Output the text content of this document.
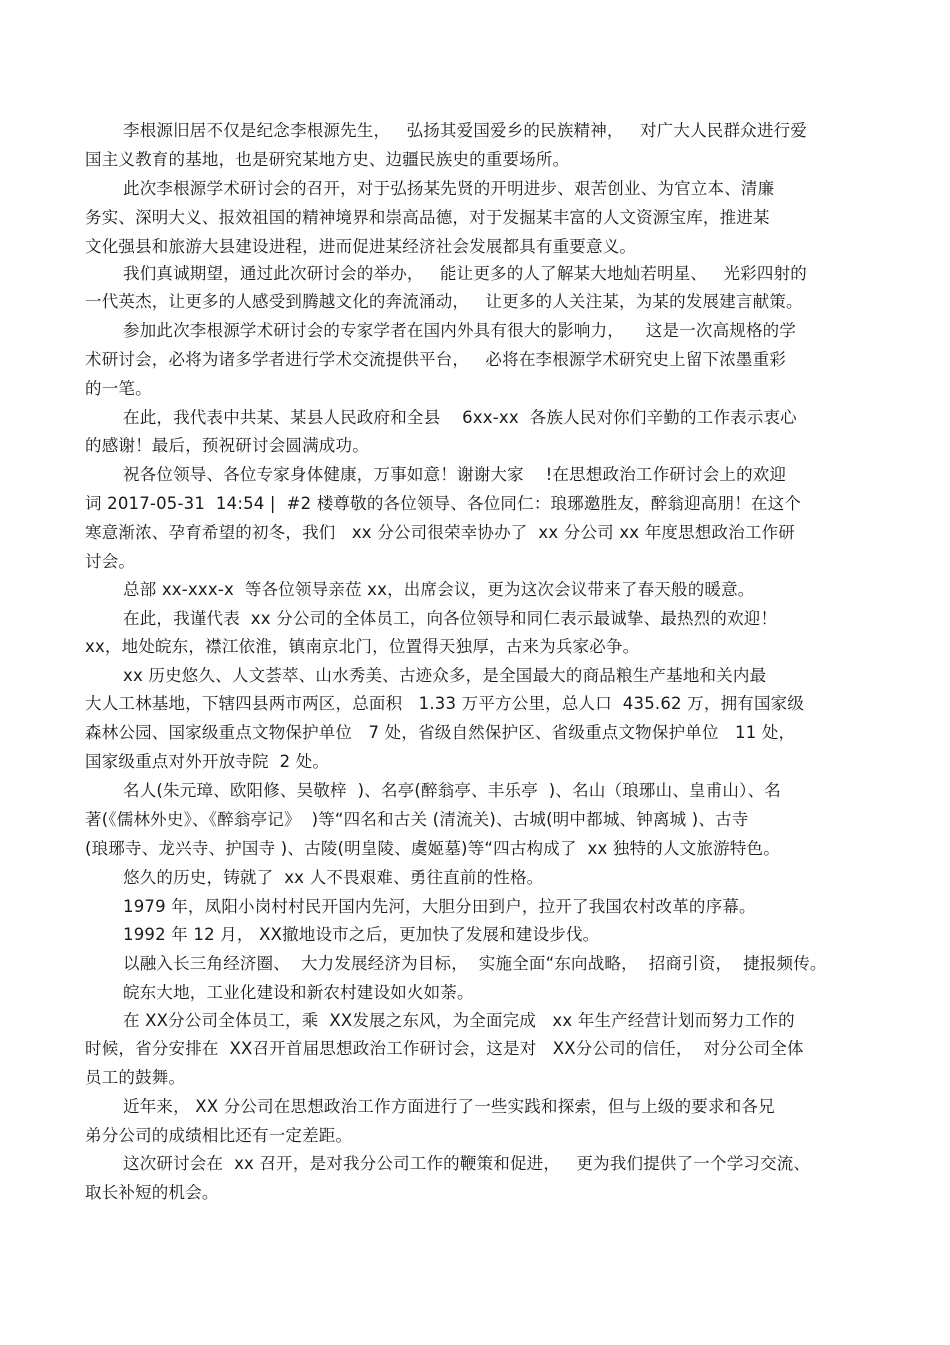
李根源旧居不仅是纪念李根源先生，   弘扬其爱国爱乡的民族精神，   对广大人民群众进行爱
国主义教育的基地，也是研究某地方史、边疆民族史的重要场所。
此次李根源学术研讨会的召开，对于弘扬某先贤的开明进步、艰苦创业、为官立本、清廉
务实、深明大义、报效祖国的精神境界和崇高品德，对于发掘某丰富的人文资源宝库，推进某
文化强县和旅游大县建设进程，进而促进某经济社会发展都具有重要意义。
我们真诚期望，通过此次研讨会的举办，   能让更多的人了解某大地灿若明星、   光彩四射的
一代英杰，让更多的人感受到腾越文化的奔流涌动，   让更多的人关注某，为某的发展建言献策。
参加此次李根源学术研讨会的专家学者在国内外具有很大的影响力，    这是一次高规格的学
术研讨会，必将为诸多学者进行学术交流提供平台，   必将在李根源学术研究史上留下浓墨重彩
的一笔。
在此，我代表中共某、某县人民政府和全县    6xx-xx  各族人民对你们辛勤的工作表示衷心
的感谢！最后，预祝研讨会圆满成功。
祝各位领导、各位专家身体健康，万事如意！谢谢大家    !在思想政治工作研讨会上的欢迎
词 2017-05-31  14:54 |  #2 楼尊敬的各位领导、各位同仁：琅琊邀胜友，醉翁迎高朋！在这个
寒意渐浓、孕育希望的初冬，我们   xx 分公司很荣幸协办了  xx 分公司 xx 年度思想政治工作研
讨会。
总部 xx-xxx-x  等各位领导亲莅 xx，出席会议，更为这次会议带来了春天般的暖意。
在此，我谨代表  xx 分公司的全体员工，向各位领导和同仁表示最诚挚、最热烈的欢迎！
xx，地处皖东，襟江依淮，镇南京北门，位置得天独厚，古来为兵家必争。
xx 历史悠久、人文荟萃、山水秀美、古迹众多，是全国最大的商品粮生产基地和关内最
大人工林基地，下辖四县两市两区，总面积   1.33 万平方公里，总人口  435.62 万，拥有国家级
森林公园、国家级重点文物保护单位   7 处，省级自然保护区、省级重点文物保护单位   11 处，
国家级重点对外开放寺院  2 处。
名人(朱元璋、欧阳修、吴敬梓  )、名亭(醉翁亭、丰乐亭  )、名山（琅琊山、皇甫山）、名
著(《儒林外史》、《醉翁亭记》  )等“四名和古关 (清流关)、古城(明中都城、钟离城 )、古寺
(琅琊寺、龙兴寺、护国寺 )、古陵(明皇陵、虞姬墓)等“四古构成了  xx 独特的人文旅游特色。
悠久的历史，铸就了  xx 人不畏艰难、勇往直前的性格。
1979 年，凤阳小岗村村民开国内先河，大胆分田到户，拉开了我国农村改革的序幕。
1992 年 12 月， XX撤地设市之后，更加快了发展和建设步伐。
以融入长三角经济圈、  大力发展经济为目标，  实施全面“东向战略，  招商引资，  捷报频传。
皖东大地，工业化建设和新农村建设如火如荼。
在 XX分公司全体员工，乘  XX发展之东风，为全面完成   xx 年生产经营计划而努力工作的
时候，省分安排在  XX召开首届思想政治工作研讨会，这是对   XX分公司的信任，  对分公司全体
员工的鼓舞。
近年来， XX 分公司在思想政治工作方面进行了一些实践和探索，但与上级的要求和各兄
弟分公司的成绩相比还有一定差距。
这次研讨会在  xx 召开，是对我分公司工作的鞭策和促进，   更为我们提供了一个学习交流、
取长补短的机会。
